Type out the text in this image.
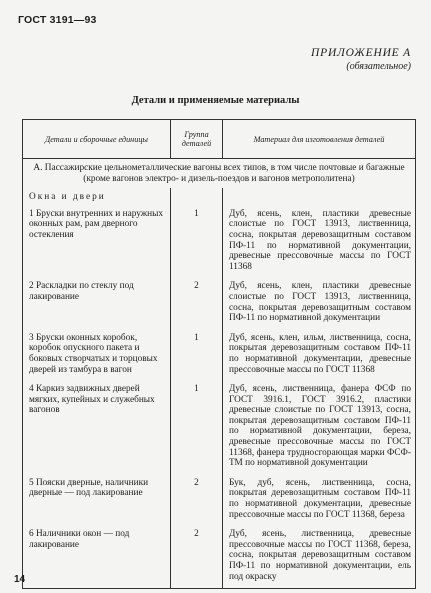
ГОСТ 3191—93
ПРИЛОЖЕНИЕ А
(обязательное)
Детали и применяемые материалы
Детали и сборочные единицы	Группа деталей	Материал для изготовления деталей
А. Пассажирские цельнометаллические вагоны всех типов, в том числе почтовые и багажные (кроме вагонов электро- и дизель-поездов и вагонов метрополитена)		
Окна и двери		
1 Бруски внутренних и наружных оконных рам, рам дверного остекления	1	Дуб, ясень, клен, пластики древесные слоистые по ГОСТ 13913, лиственница, сосна, покрытая деревозащитным составом ПФ-11 по нормативной документации, древесные прессовочные массы по ГОСТ 11368
2 Раскладки по стеклу под лакирование	2	Дуб, ясень, клен, пластики древесные слоистые по ГОСТ 13913, лиственница, сосна, покрытая деревозащитным составом ПФ-11 по нормативной документации
3 Бруски оконных коробок, коробок опускного пакета и боковых створчатых и торцовых дверей из тамбура в вагон	1	Дуб, ясень, клен, ильм, лиственница, сосна, покрытая деревозащитным составом ПФ-11 по нормативной документации, древесные прессовочные массы по ГОСТ 11368
4 Каркиз задвижных дверей мягких, купейных и служебных вагонов	1	Дуб, ясень, лиственница, фанера ФСФ по ГОСТ 3916.1, ГОСТ 3916.2, пластики древесные слоистые по ГОСТ 13913, сосна, покрытая деревозащитным составом ПФ-11 по нормативной документации, береза, древесные прессовочные массы по ГОСТ 11368, фанера трудносгорающая марки ФСФ-ТМ по нормативной документации
5 Пояски дверные, наличники дверные — под лакирование	2	Бук, дуб, ясень, лиственница, сосна, покрытая деревозащитным составом ПФ-11 по нормативной документации, древесные прессовочные массы по ГОСТ 11368, береза
6 Наличники окон — под лакирование	2	Дуб, ясень, лиственница, древесные прессовочные массы по ГОСТ 11368, береза, сосна, покрытая деревозащитным составом ПФ-11 по нормативной документации, ель под окраску
14
